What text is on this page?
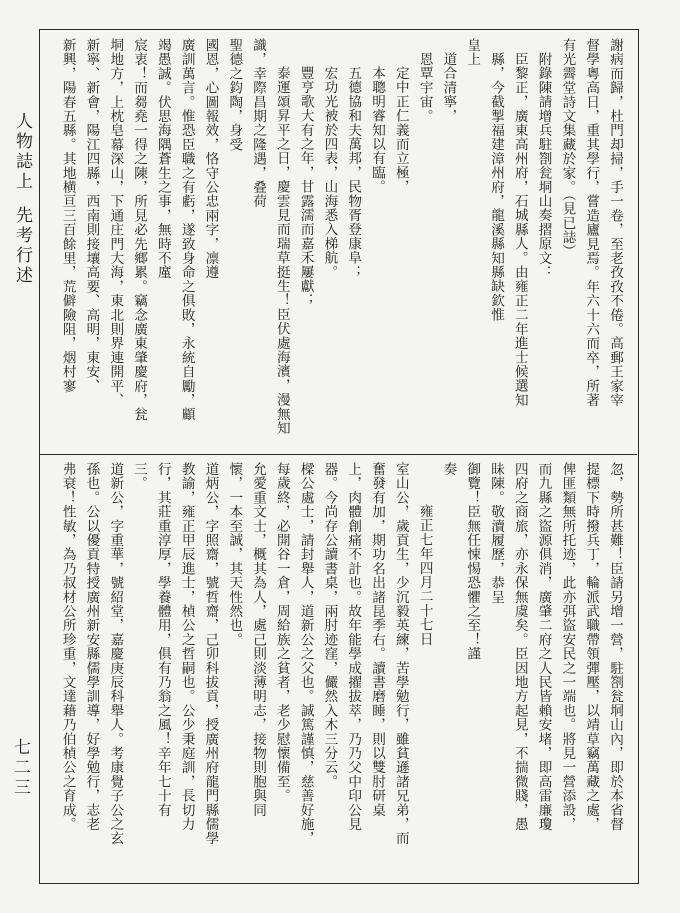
人物誌上
先考行述
七二三
謝病而歸，杜門却掃，手一卷，至老孜孜不倦。高郵王家宰
督學粵高日，重其學行，嘗造廬見焉。年六十六而卒，所著
有光霽堂詩文集藏於家。（見已誌）
附錄陳請增兵駐劄瓮垌山奏摺原文：
臣黎正，廣東高州府，石城縣人。由雍正二年進士候選知
縣，今截掣福建漳州府，龍溪縣知縣缺欽惟
皇上
道合清寧，
恩覃宇宙。
定中正仁義而立極，
本聰明睿知以有臨。
五德協和夫萬邦，民物胥登康阜；
宏功光被於四表，山海悉入梯航。
豐亨歌大有之年，甘露濡而嘉禾屢獻；
泰運頌昇平之日，慶雲見而瑞草挺生！臣伏處海濱，漫無知
識，幸際昌期之隆遇，叠荷
聖德之鈞陶，身受
國恩，心圖報效，恪守公忠兩字，凛遵
廣訓萬言。惟恐臣職之有虧，遂致身命之俱敗，永統自勵，顧
竭愚誠。伏思海隅蒼生之事，無時不廑
宸衷！而芻堯一得之陳，所見必先鄉累。竊念廣東肇慶府，瓮
垌地方，上枕皂幕深山，下通庄門大海，東北則界連開平、
新寧、新會，陽江四縣，西南則接壤高要、高明，東安、
新興，陽春五縣。其地横亘三百餘里，荒僻險阻，烟村寥
忽，勢所甚難！臣請另增一營，駐劄瓮垌山內，即於本省督
提標下時撥兵丁，輪派武職帶領彈壓，以靖草竊萬藏之處，
俾匪類無所托迹，此亦弭盜安民之一端也。將見一營添設，
而九縣之盜源俱消，廣肇二府之人民皆賴安堵，即高雷廉瓊
四府之商旅，亦永保無虞矣。臣因地方起見，不揣微賤，愚
昧陳。敬瀆履歷，恭呈
御覽！臣無任悚惕恐懼之至！謹
奏
雍正七年四月二十七日
室山公，歲貢生，少沉毅英練，苦學勉行，雖貧遜諸兄弟，而
奮發有加，期功名出諸昆季右。讀書磨睡，則以雙肘研桌
上，肉體創痛不計也。故年能學成擢拔萃，乃乃父中印公見
器。今尚存公讀書桌，兩肘迹窪，儼然入木三分云。
樑公處士，請封舉人，道新公之父也。誠篤謹慎，慈善好施，
每歲終，必開谷一倉，周給族之貧者，老少慰懷備至。
允愛重文士，概其為人，處己則淡薄明志，接物則胞與同
懷，一本至誠，其天性然也。
道炳公，字照齋，號哲齋，己卯科拔貢，授廣州府龍門縣儒學
教諭，雍正甲辰進士，楨公之哲嗣也。公少秉庭訓，長切力
行，其莊重淳厚，學養體用，俱有乃翁之風！辛年七十有
三。
道新公，字重華，號紹堂，嘉慶庚辰科舉人。考康覺子公之玄
孫也。公以優貢特授廣州新安縣儒學訓導，好學勉行，志老
弗衰！性敏，為乃叔材公所珍重，文達藉乃伯楨公之育成。
